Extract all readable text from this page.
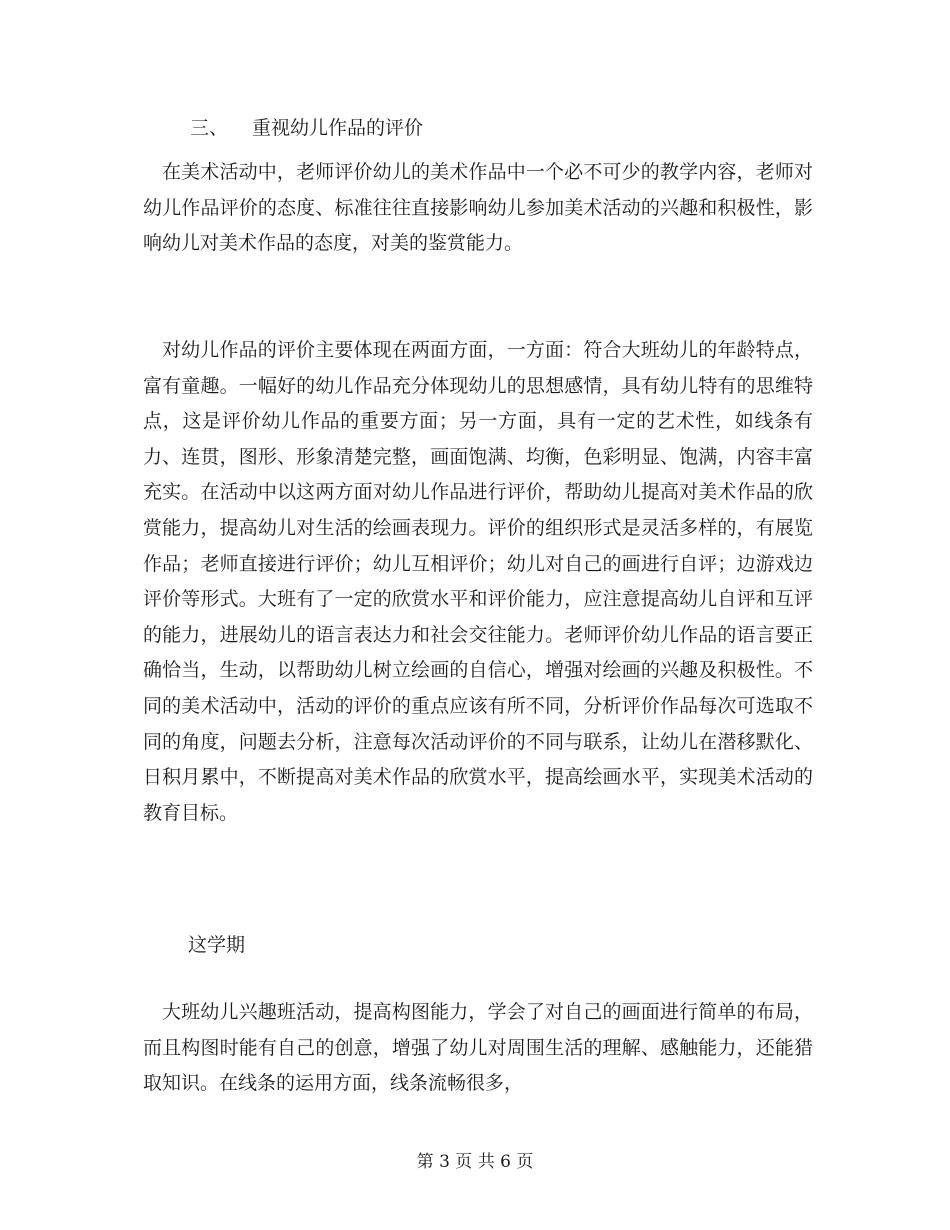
三、 重视幼儿作品的评价

在美术活动中，老师评价幼儿的美术作品中一个必不可少的教学内容，老师对幼儿作品评价的态度、标准往往直接影响幼儿参加美术活动的兴趣和积极性，影响幼儿对美术作品的态度，对美的鉴赏能力。

对幼儿作品的评价主要体现在两面方面，一方面：符合大班幼儿的年龄特点，富有童趣。一幅好的幼儿作品充分体现幼儿的思想感情，具有幼儿特有的思维特点，这是评价幼儿作品的重要方面；另一方面，具有一定的艺术性，如线条有力、连贯，图形、形象清楚完整，画面饱满、均衡，色彩明显、饱满，内容丰富充实。在活动中以这两方面对幼儿作品进行评价，帮助幼儿提高对美术作品的欣赏能力，提高幼儿对生活的绘画表现力。评价的组织形式是灵活多样的，有展览作品；老师直接进行评价；幼儿互相评价；幼儿对自己的画进行自评；边游戏边评价等形式。大班有了一定的欣赏水平和评价能力，应注意提高幼儿自评和互评的能力，进展幼儿的语言表达力和社会交往能力。老师评价幼儿作品的语言要正确恰当，生动，以帮助幼儿树立绘画的自信心，增强对绘画的兴趣及积极性。不同的美术活动中，活动的评价的重点应该有所不同，分析评价作品每次可选取不同的角度，问题去分析，注意每次活动评价的不同与联系，让幼儿在潜移默化、日积月累中，不断提高对美术作品的欣赏水平，提高绘画水平，实现美术活动的教育目标。

这学期

大班幼儿兴趣班活动，提高构图能力，学会了对自己的画面进行简单的布局，而且构图时能有自己的创意，增强了幼儿对周围生活的理解、感触能力，还能猎取知识。在线条的运用方面，线条流畅很多，

第 3 页 共 6 页
